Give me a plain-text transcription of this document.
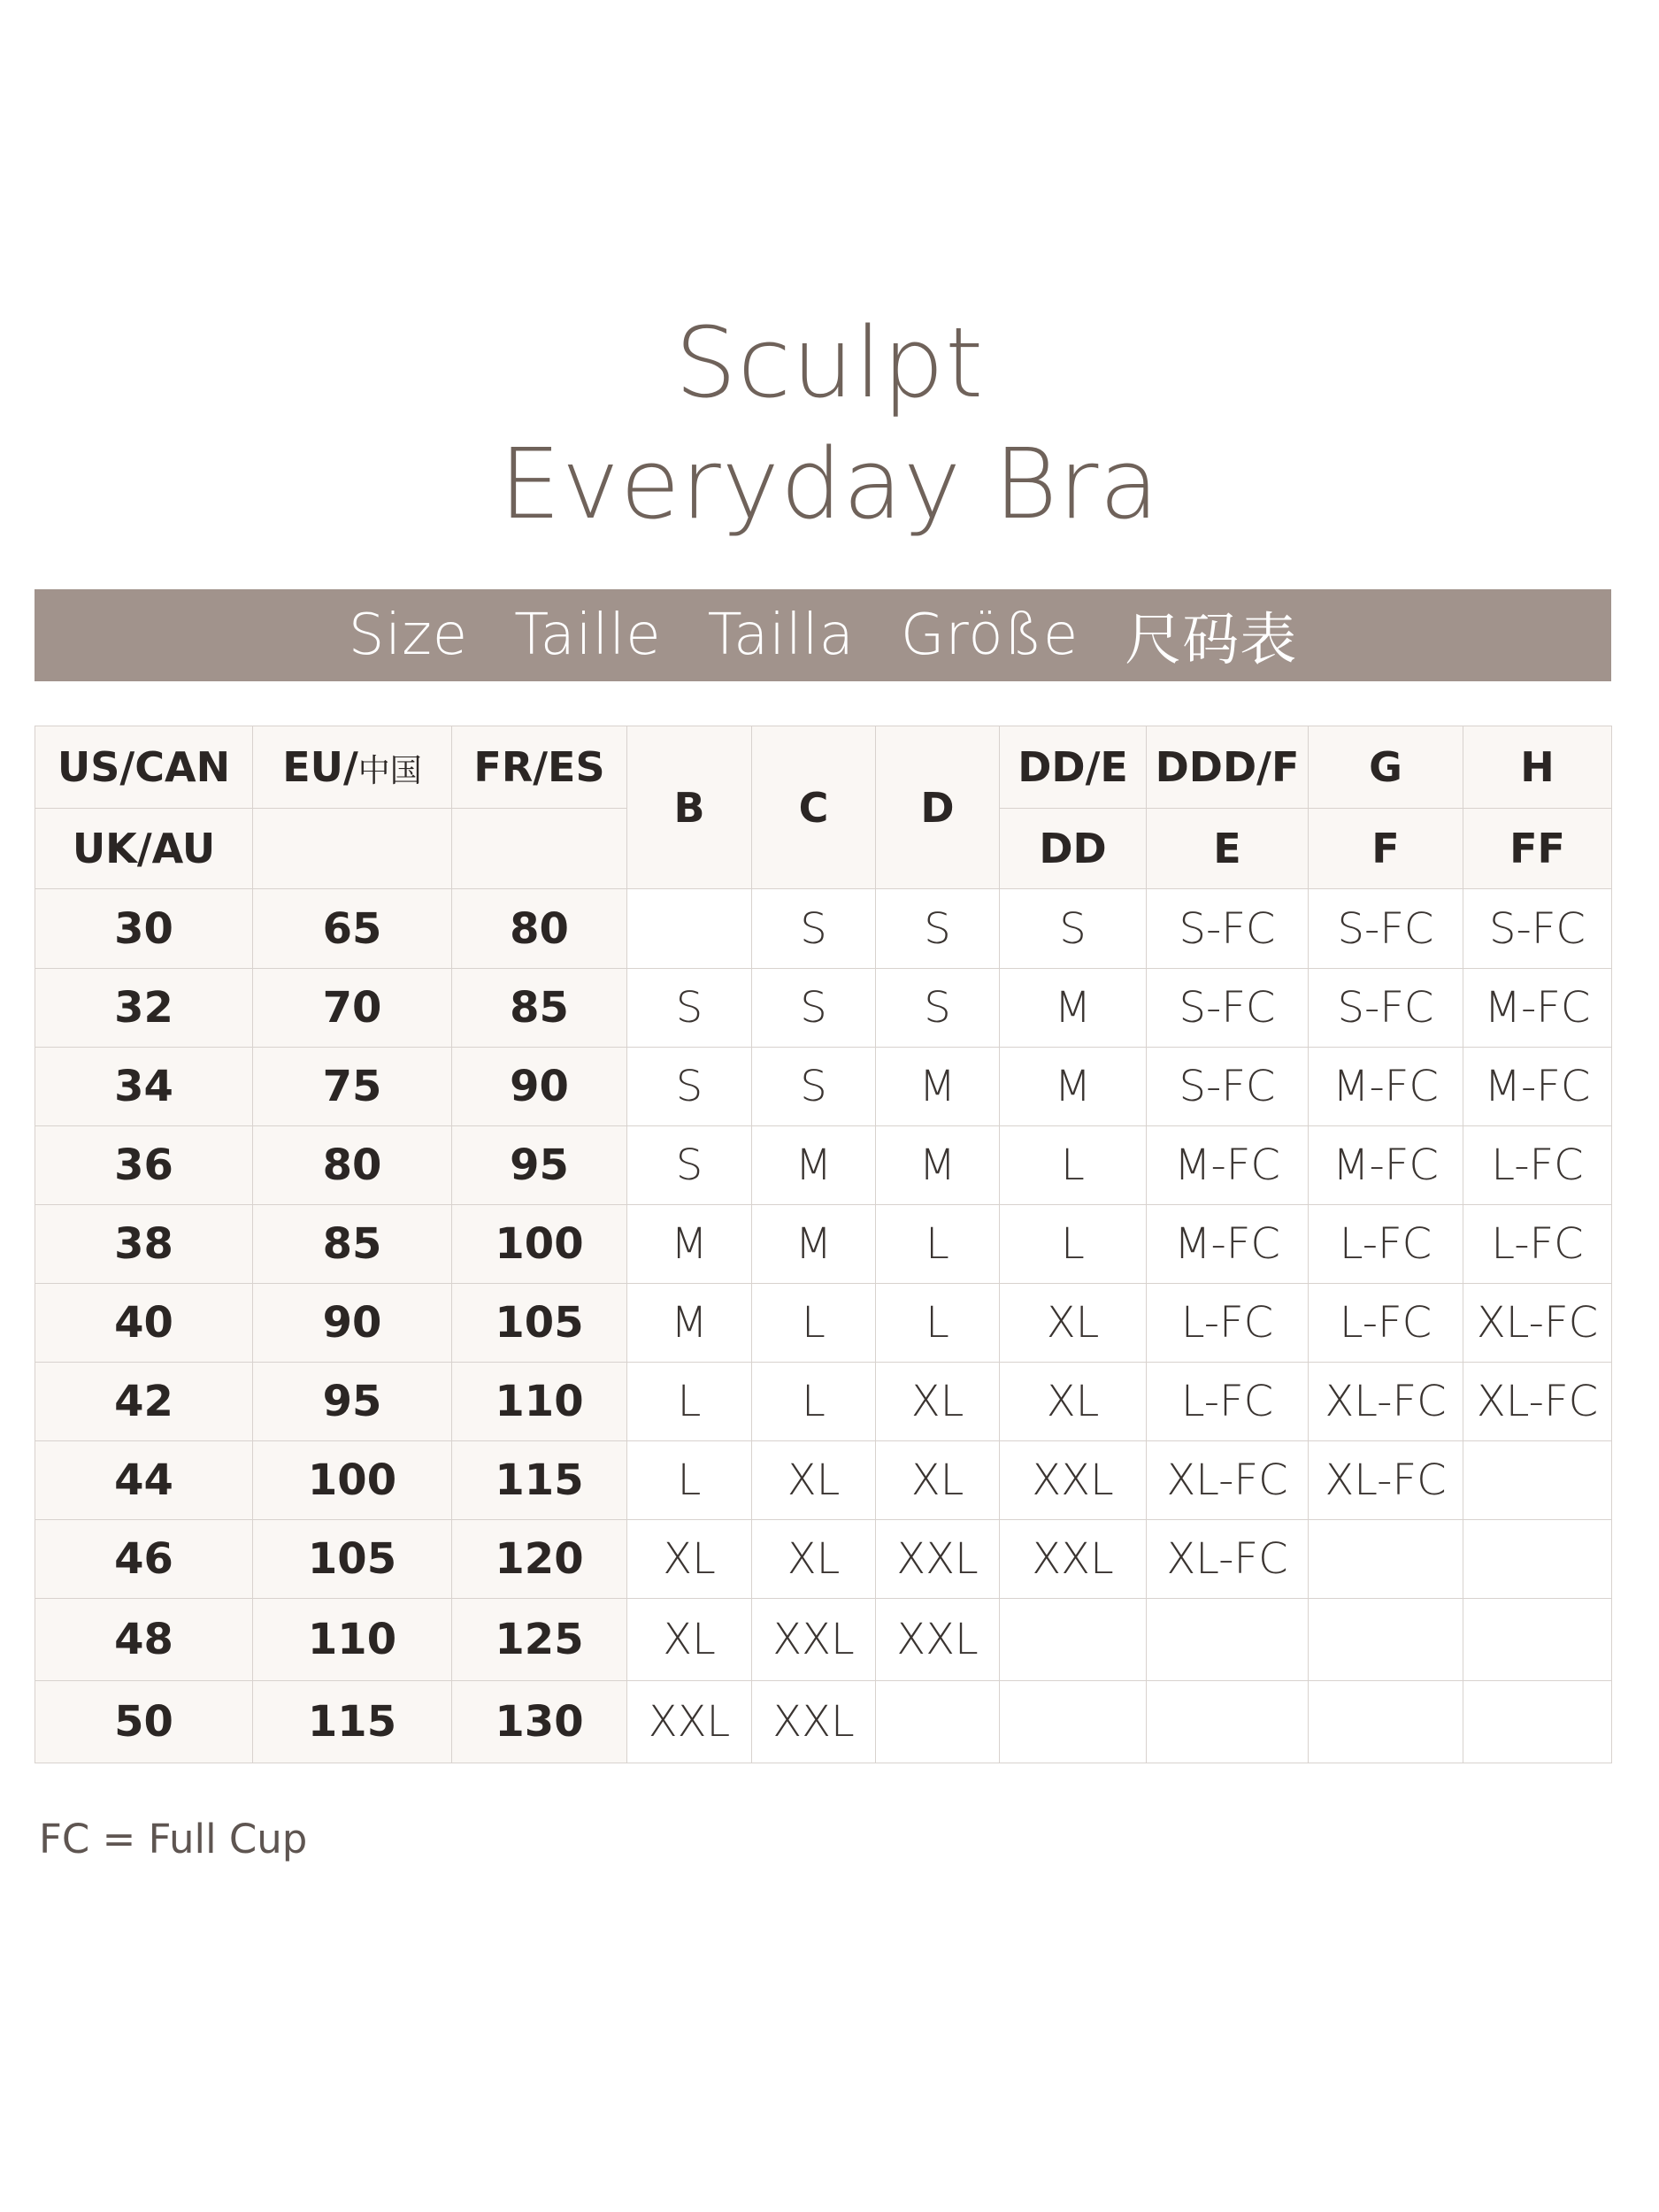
Sculpt
Everyday Bra
Size Taille Tailla Größe 尺码表
US/CAN	EU/中国	FR/ES	B	C	D	DD/E	DDD/F	G	H
UK/AU						DD	E	F	FF
30	65	80		S	S	S	S-FC	S-FC	S-FC
32	70	85	S	S	S	M	S-FC	S-FC	M-FC
34	75	90	S	S	M	M	S-FC	M-FC	M-FC
36	80	95	S	M	M	L	M-FC	M-FC	L-FC
38	85	100	M	M	L	L	M-FC	L-FC	L-FC
40	90	105	M	L	L	XL	L-FC	L-FC	XL-FC
42	95	110	L	L	XL	XL	L-FC	XL-FC	XL-FC
44	100	115	L	XL	XL	XXL	XL-FC	XL-FC	
46	105	120	XL	XL	XXL	XXL	XL-FC		
48	110	125	XL	XXL	XXL				
50	115	130	XXL	XXL					
FC = Full Cup
